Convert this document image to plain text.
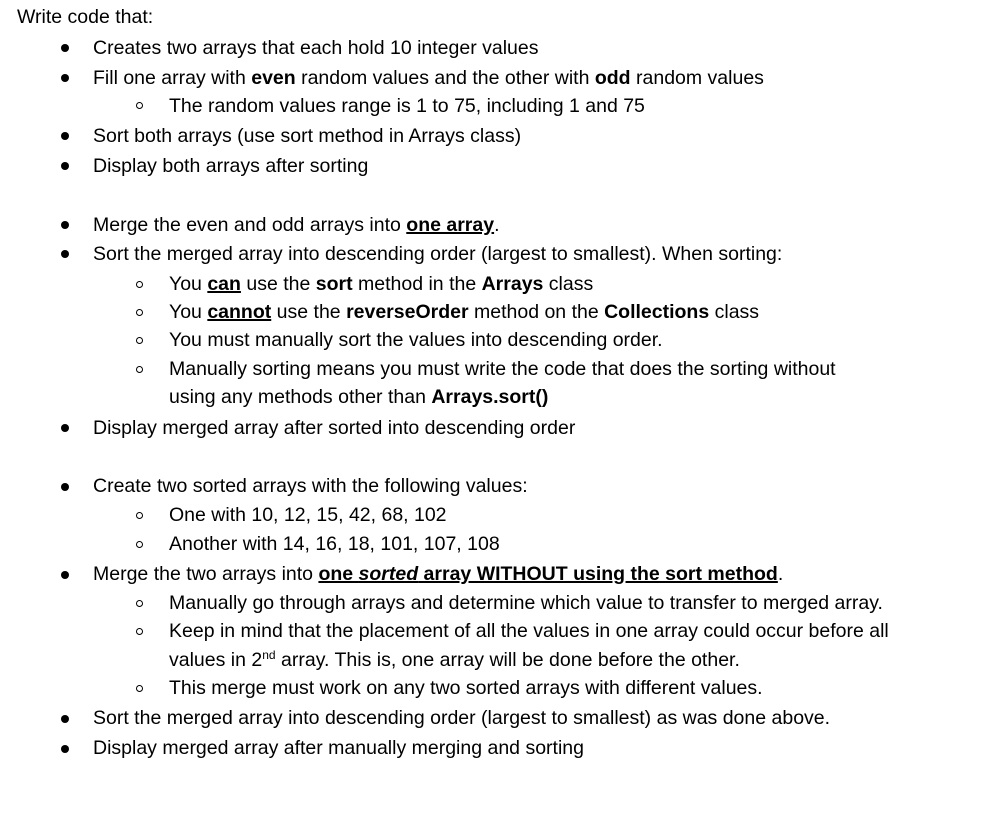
Write code that:
Creates two arrays that each hold 10 integer values
Fill one array with even random values and the other with odd random values
The random values range is 1 to 75, including 1 and 75
Sort both arrays (use sort method in Arrays class)
Display both arrays after sorting
Merge the even and odd arrays into one array.
Sort the merged array into descending order (largest to smallest). When sorting:
You can use the sort method in the Arrays class
You cannot use the reverseOrder method on the Collections class
You must manually sort the values into descending order.
Manually sorting means you must write the code that does the sorting without
using any methods other than Arrays.sort()
Display merged array after sorted into descending order
Create two sorted arrays with the following values:
One with 10, 12, 15, 42, 68, 102
Another with 14, 16, 18, 101, 107, 108
Merge the two arrays into one sorted array WITHOUT using the sort method.
Manually go through arrays and determine which value to transfer to merged array.
Keep in mind that the placement of all the values in one array could occur before all
values in 2nd array. This is, one array will be done before the other.
This merge must work on any two sorted arrays with different values.
Sort the merged array into descending order (largest to smallest) as was done above.
Display merged array after manually merging and sorting
